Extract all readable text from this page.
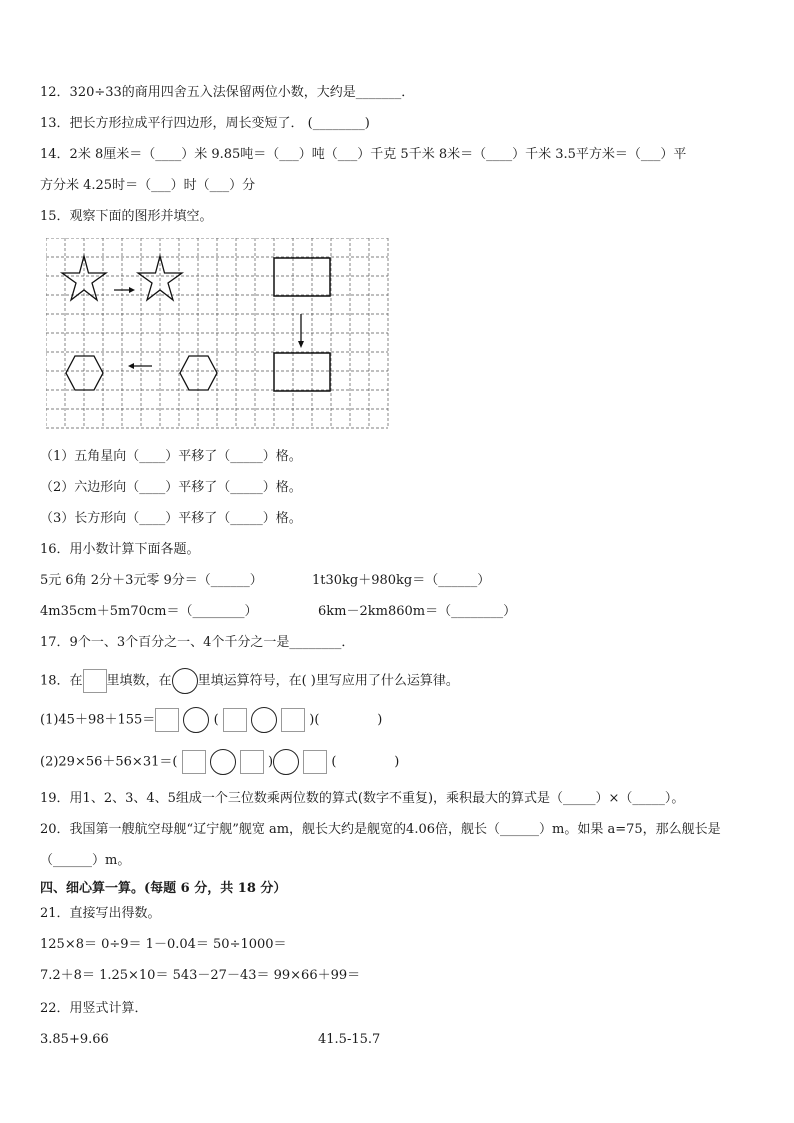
12．320÷33的商用四舍五入法保留两位小数，大约是_______．
13．把长方形拉成平行四边形，周长变短了． (________)
14．2米 8厘米＝（____）米 9.85吨＝（___）吨（___）千克 5千米 8米＝（____）千米 3.5平方米＝（___）平
方分米 4.25时＝（___）时（___）分
15．观察下面的图形并填空。
（1）五角星向（____）平移了（_____）格。
（2）六边形向（____）平移了（_____）格。
（3）长方形向（____）平移了（_____）格。
16．用小数计算下面各题。
5元 6角 2分＋3元零 9分＝（______）	1t30kg＋980kg＝（______）
4m35cm＋5m70cm＝（________）	6km－2km860m＝（________）
17．9个一、3个百分之一、4个千分之一是________．
18．在 里填数，在 里填运算符号，在( )里写应用了什么运算律。
(1)45＋98＋155＝	(	)(              )
(2)29×56＋56×31＝(	)	(              )
19．用1、2、3、4、5组成一个三位数乘两位数的算式(数字不重复)，乘积最大的算式是（_____）×（_____）。
20．我国第一艘航空母舰“辽宁舰”舰宽 am，舰长大约是舰宽的4.06倍，舰长（______）m。如果 a=75，那么舰长是
（______）m。
四、细心算一算。(每题 6 分，共 18 分）
21．直接写出得数。
125×8＝ 0÷9＝ 1－0.04＝ 50÷1000＝
7.2＋8＝ 1.25×10＝ 543－27－43＝ 99×66＋99＝
22．用竖式计算．
3.85+9.66	41.5-15.7
